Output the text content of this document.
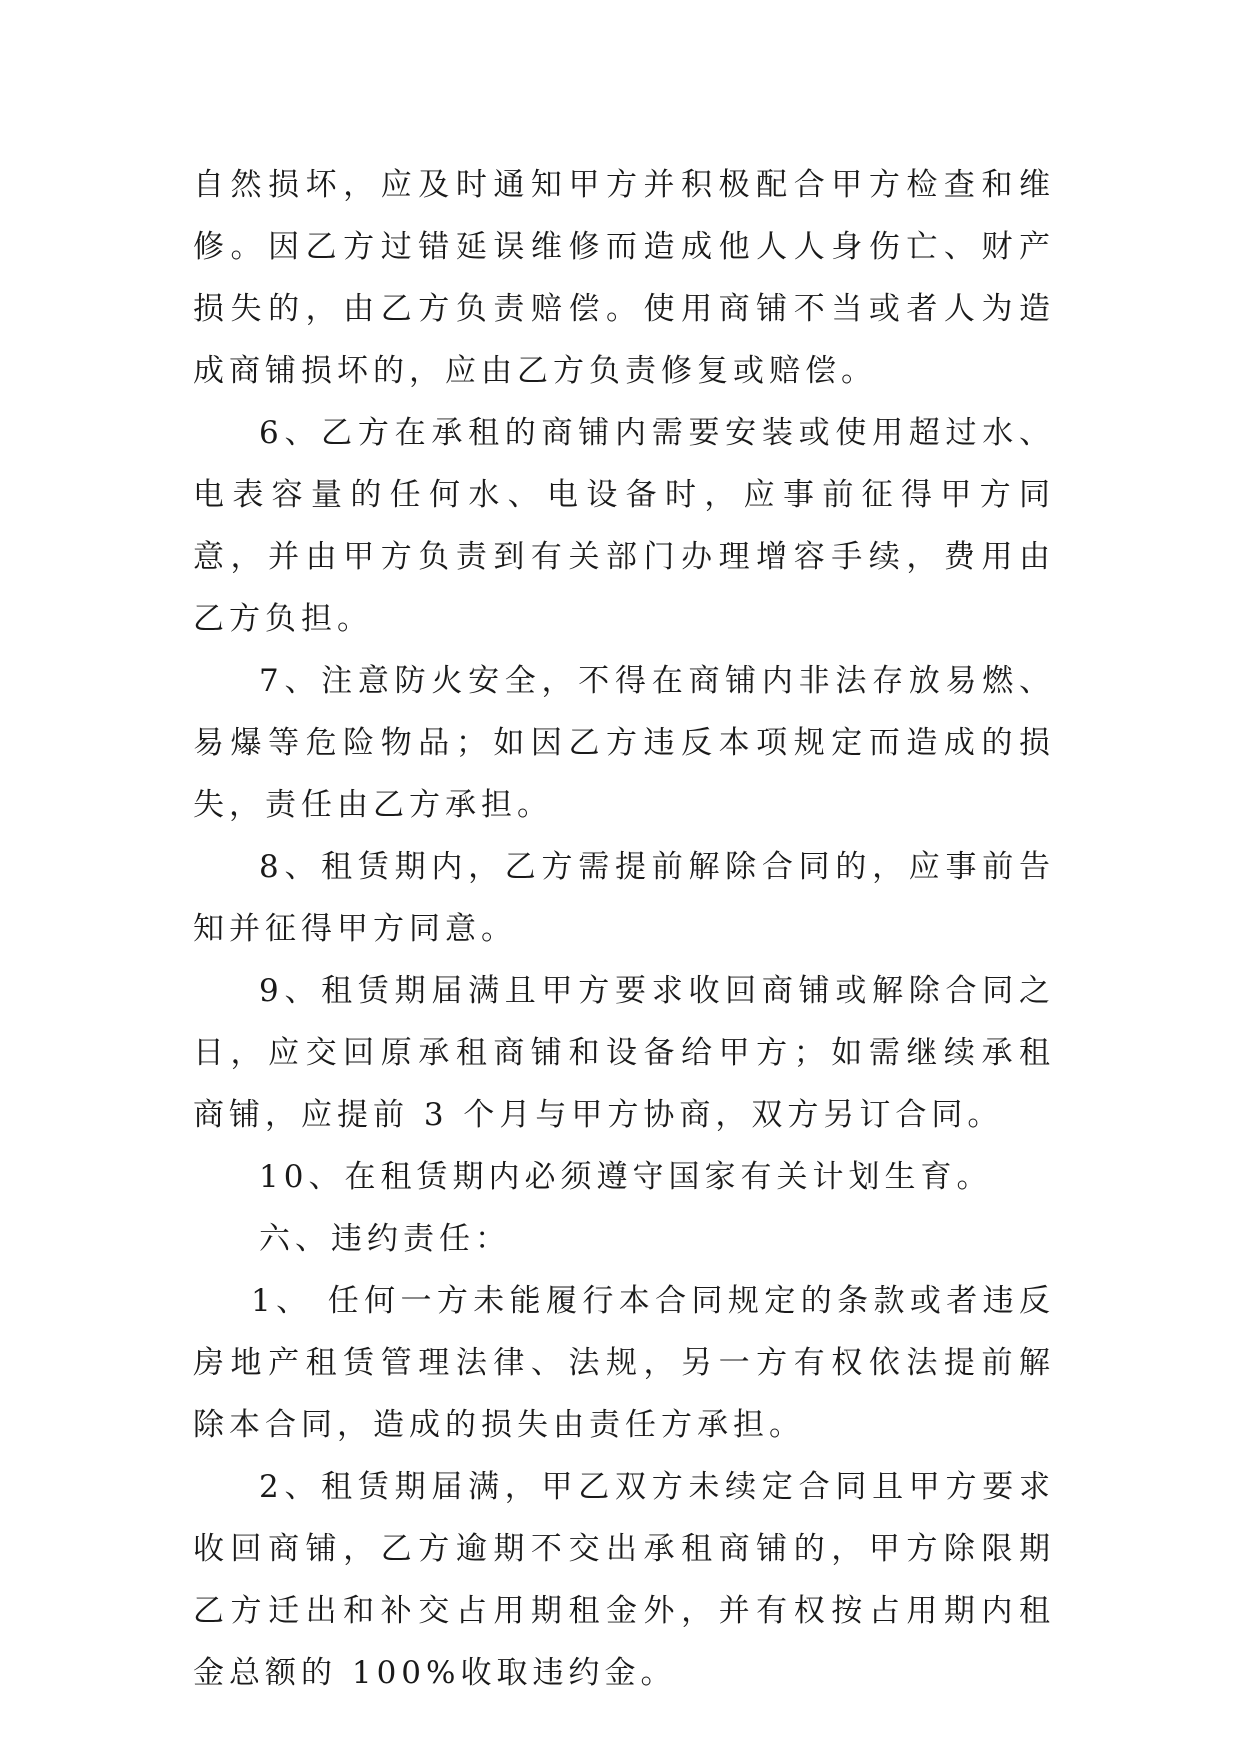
自然损坏，应及时通知甲方并积极配合甲方检查和维修。因乙方过错延误维修而造成他人人身伤亡、财产损失的，由乙方负责赔偿。使用商铺不当或者人为造成商铺损坏的，应由乙方负责修复或赔偿。

6、乙方在承租的商铺内需要安装或使用超过水、电表容量的任何水、电设备时，应事前征得甲方同意，并由甲方负责到有关部门办理增容手续，费用由乙方负担。

7、注意防火安全，不得在商铺内非法存放易燃、易爆等危险物品；如因乙方违反本项规定而造成的损失，责任由乙方承担。

8、租赁期内，乙方需提前解除合同的，应事前告知并征得甲方同意。

9、租赁期届满且甲方要求收回商铺或解除合同之日，应交回原承租商铺和设备给甲方；如需继续承租商铺，应提前 3 个月与甲方协商，双方另订合同。

10、在租赁期内必须遵守国家有关计划生育。

六、违约责任：

1、 任何一方未能履行本合同规定的条款或者违反房地产租赁管理法律、法规，另一方有权依法提前解除本合同，造成的损失由责任方承担。

2、租赁期届满，甲乙双方未续定合同且甲方要求收回商铺，乙方逾期不交出承租商铺的，甲方除限期乙方迁出和补交占用期租金外，并有权按占用期内租金总额的 100%收取违约金。
